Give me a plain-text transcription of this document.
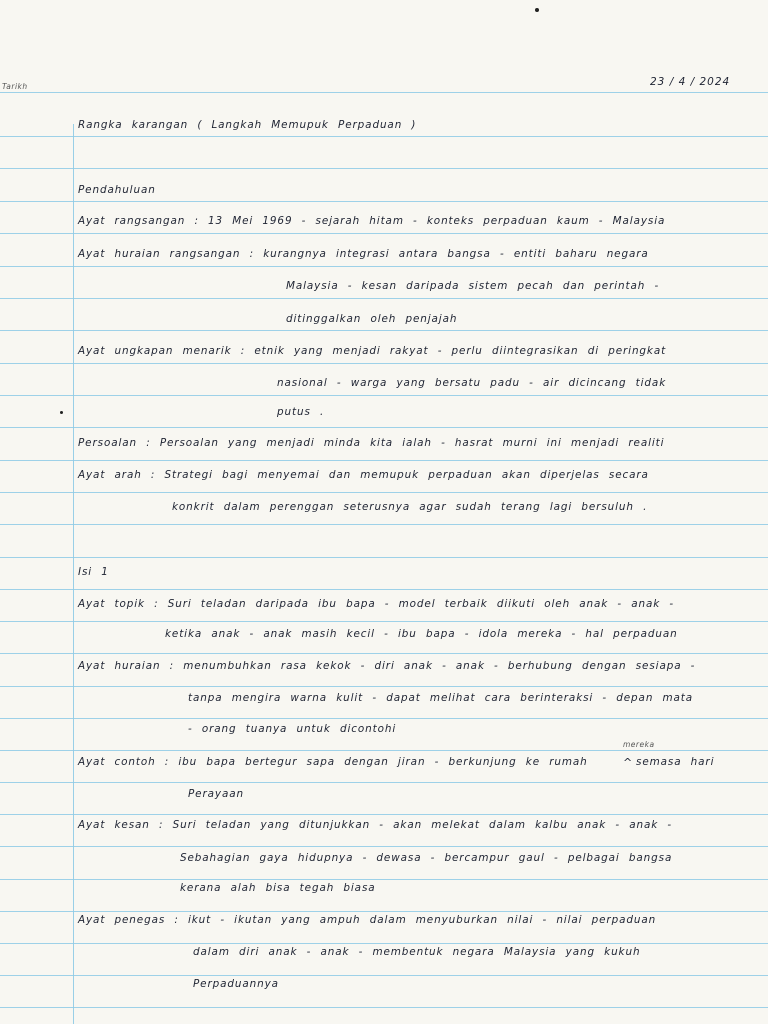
Tarikh	23 / 4 / 2024
Rangka karangan ( Langkah Memupuk Perpaduan )
Pendahuluan
Ayat rangsangan : 13 Mei 1969 - sejarah hitam - konteks perpaduan kaum - Malaysia
Ayat huraian rangsangan : kurangnya integrasi antara bangsa - entiti baharu negara
Malaysia - kesan daripada sistem pecah dan perintah -
ditinggalkan oleh penjajah
Ayat ungkapan menarik : etnik yang menjadi rakyat - perlu diintegrasikan di peringkat
nasional - warga yang bersatu padu - air dicincang tidak
putus .
Persoalan : Persoalan yang menjadi minda kita ialah - hasrat murni ini menjadi realiti
Ayat arah : Strategi bagi menyemai dan memupuk perpaduan akan diperjelas secara
konkrit dalam perenggan seterusnya agar sudah terang lagi bersuluh .
Isi 1
Ayat topik : Suri teladan daripada ibu bapa - model terbaik diikuti oleh anak - anak -
ketika anak - anak masih kecil - ibu bapa - idola mereka - hal perpaduan
Ayat huraian : menumbuhkan rasa kekok - diri anak - anak - berhubung dengan sesiapa -
tanpa mengira warna kulit - dapat melihat cara berinteraksi - depan mata
- orang tuanya untuk dicontohi
Ayat contoh : ibu bapa bertegur sapa dengan jiran - berkunjung ke rumah
mereka
^ semasa hari
Perayaan
Ayat kesan : Suri teladan yang ditunjukkan - akan melekat dalam kalbu anak - anak -
Sebahagian gaya hidupnya - dewasa - bercampur gaul - pelbagai bangsa
kerana alah bisa tegah biasa
Ayat penegas : ikut - ikutan yang ampuh dalam menyuburkan nilai - nilai perpaduan
dalam diri anak - anak - membentuk negara Malaysia yang kukuh
Perpaduannya
